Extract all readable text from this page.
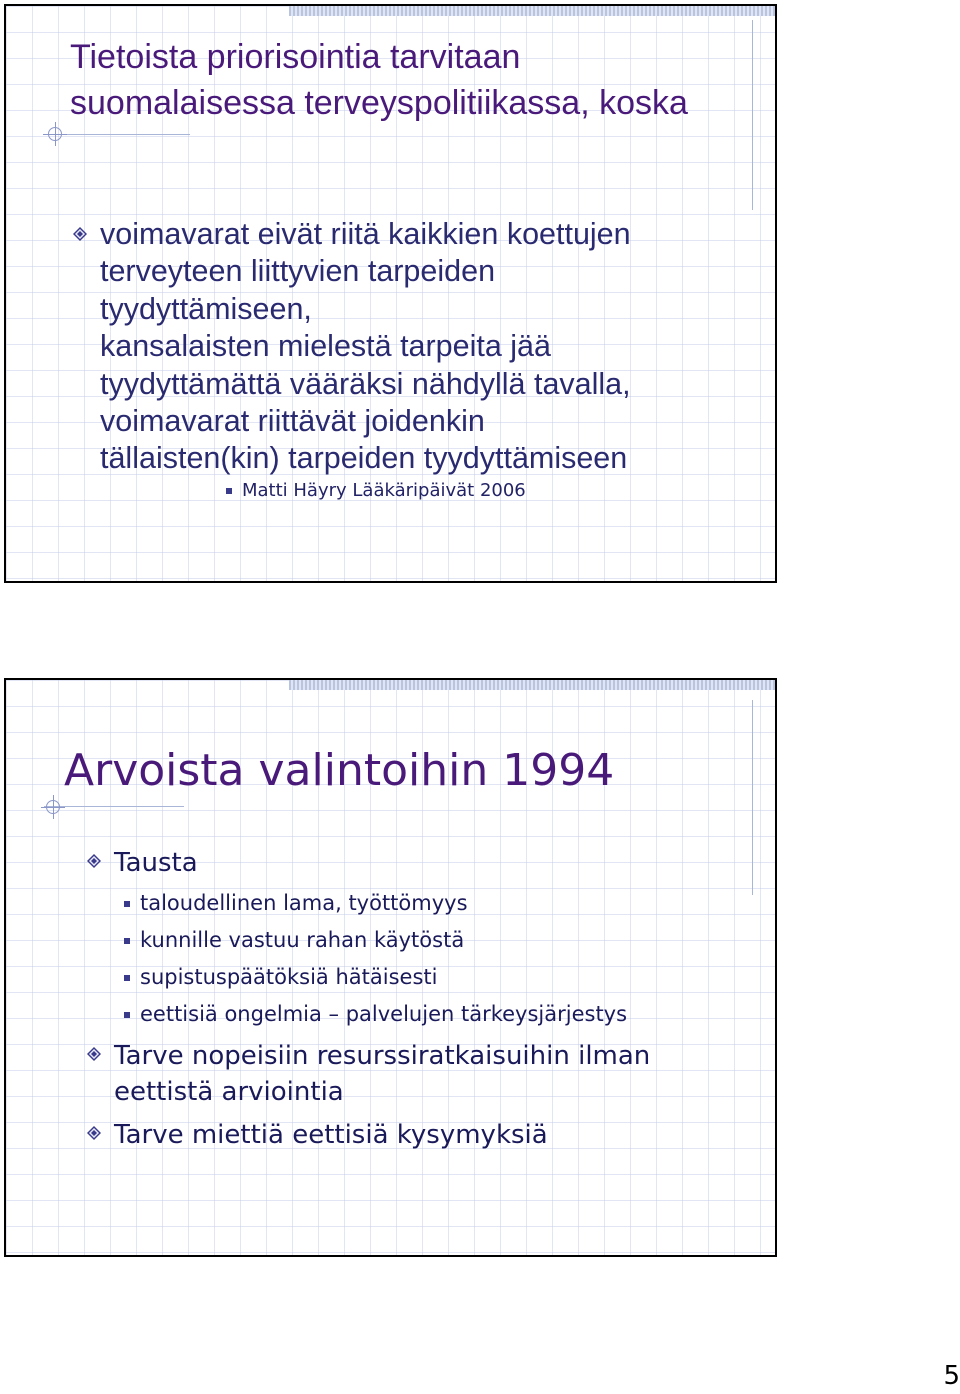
Tietoista priorisointia tarvitaan suomalaisessa terveyspolitiikassa, koska
voimavarat eivät riitä kaikkien koettujen
terveyteen liittyvien tarpeiden
tyydyttämiseen,
kansalaisten mielestä tarpeita jää
tyydyttämättä vääräksi nähdyllä tavalla,
voimavarat riittävät joidenkin
tällaisten(kin) tarpeiden tyydyttämiseen
Matti Häyry Lääkäripäivät 2006
Arvoista valintoihin 1994
Tausta
taloudellinen lama, työttömyys
kunnille vastuu rahan käytöstä
supistuspäätöksiä hätäisesti
eettisiä ongelmia – palvelujen tärkeysjärjestys
Tarve nopeisiin resurssiratkaisuihin ilman
eettistä arviointia
Tarve miettiä eettisiä kysymyksiä
5
